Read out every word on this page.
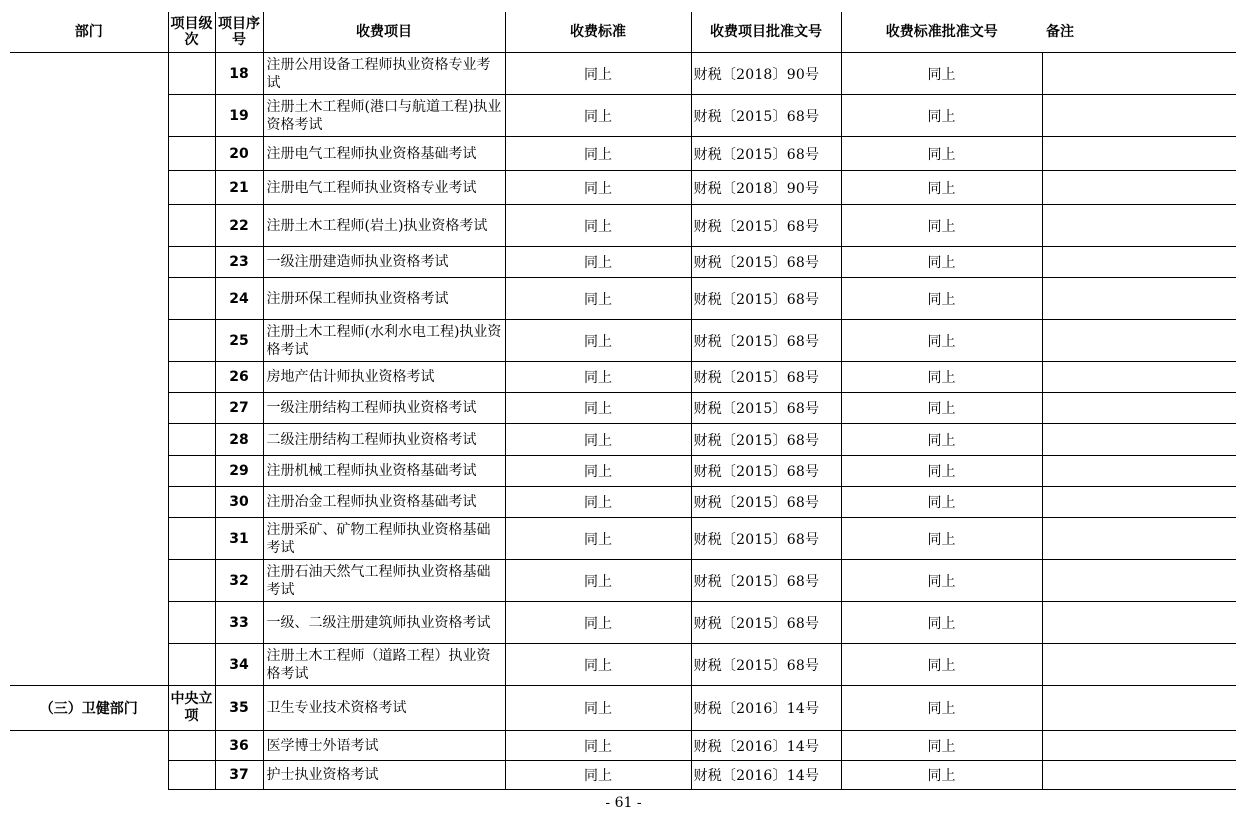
部门	项目级次	项目序号	收费项目	收费标准	收费项目批准文号	收费标准批准文号	备注
		18	注册公用设备工程师执业资格专业考试	同上	财税〔2018〕90号	同上	
		19	注册土木工程师(港口与航道工程)执业资格考试	同上	财税〔2015〕68号	同上	
		20	注册电气工程师执业资格基础考试	同上	财税〔2015〕68号	同上	
		21	注册电气工程师执业资格专业考试	同上	财税〔2018〕90号	同上	
		22	注册土木工程师(岩土)执业资格考试	同上	财税〔2015〕68号	同上	
		23	一级注册建造师执业资格考试	同上	财税〔2015〕68号	同上	
		24	注册环保工程师执业资格考试	同上	财税〔2015〕68号	同上	
		25	注册土木工程师(水利水电工程)执业资格考试	同上	财税〔2015〕68号	同上	
		26	房地产估计师执业资格考试	同上	财税〔2015〕68号	同上	
		27	一级注册结构工程师执业资格考试	同上	财税〔2015〕68号	同上	
		28	二级注册结构工程师执业资格考试	同上	财税〔2015〕68号	同上	
		29	注册机械工程师执业资格基础考试	同上	财税〔2015〕68号	同上	
		30	注册冶金工程师执业资格基础考试	同上	财税〔2015〕68号	同上	
		31	注册采矿、矿物工程师执业资格基础考试	同上	财税〔2015〕68号	同上	
		32	注册石油天然气工程师执业资格基础考试	同上	财税〔2015〕68号	同上	
		33	一级、二级注册建筑师执业资格考试	同上	财税〔2015〕68号	同上	
		34	注册土木工程师（道路工程）执业资格考试	同上	财税〔2015〕68号	同上	
（三）卫健部门	中央立项	35	卫生专业技术资格考试	同上	财税〔2016〕14号	同上	
		36	医学博士外语考试	同上	财税〔2016〕14号	同上	
		37	护士执业资格考试	同上	财税〔2016〕14号	同上	
- 61 -
